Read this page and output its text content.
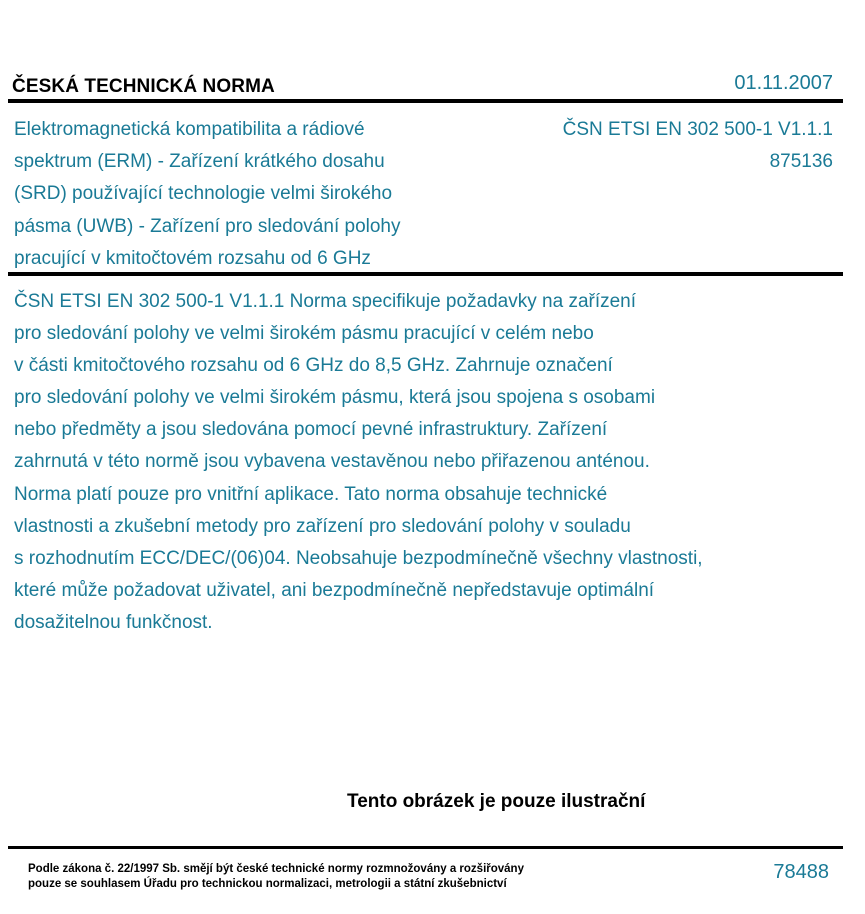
ČESKÁ TECHNICKÁ NORMA	01.11.2007
Elektromagnetická kompatibilita a rádiové
spektrum (ERM) - Zařízení krátkého dosahu
(SRD) používající technologie velmi širokého
pásma (UWB) - Zařízení pro sledování polohy
pracující v kmitočtovém rozsahu od 6 GHz
ČSN ETSI EN 302 500-1 V1.1.1
875136
ČSN ETSI EN 302 500-1 V1.1.1 Norma specifikuje požadavky na zařízení
pro sledování polohy ve velmi širokém pásmu pracující v celém nebo
v části kmitočtového rozsahu od 6 GHz do 8,5 GHz. Zahrnuje označení
pro sledování polohy ve velmi širokém pásmu, která jsou spojena s osobami
nebo předměty a jsou sledována pomocí pevné infrastruktury. Zařízení
zahrnutá v této normě jsou vybavena vestavěnou nebo přiřazenou anténou.
Norma platí pouze pro vnitřní aplikace. Tato norma obsahuje technické
vlastnosti a zkušební metody pro zařízení pro sledování polohy v souladu
s rozhodnutím ECC/DEC/(06)04. Neobsahuje bezpodmínečně všechny vlastnosti,
které může požadovat uživatel, ani bezpodmínečně nepředstavuje optimální
dosažitelnou funkčnost.
Tento obrázek je pouze ilustrační
Podle zákona č. 22/1997 Sb. smějí být české technické normy rozmnožovány a rozšiřovány
pouze se souhlasem Úřadu pro technickou normalizaci, metrologii a státní zkušebnictví
78488
